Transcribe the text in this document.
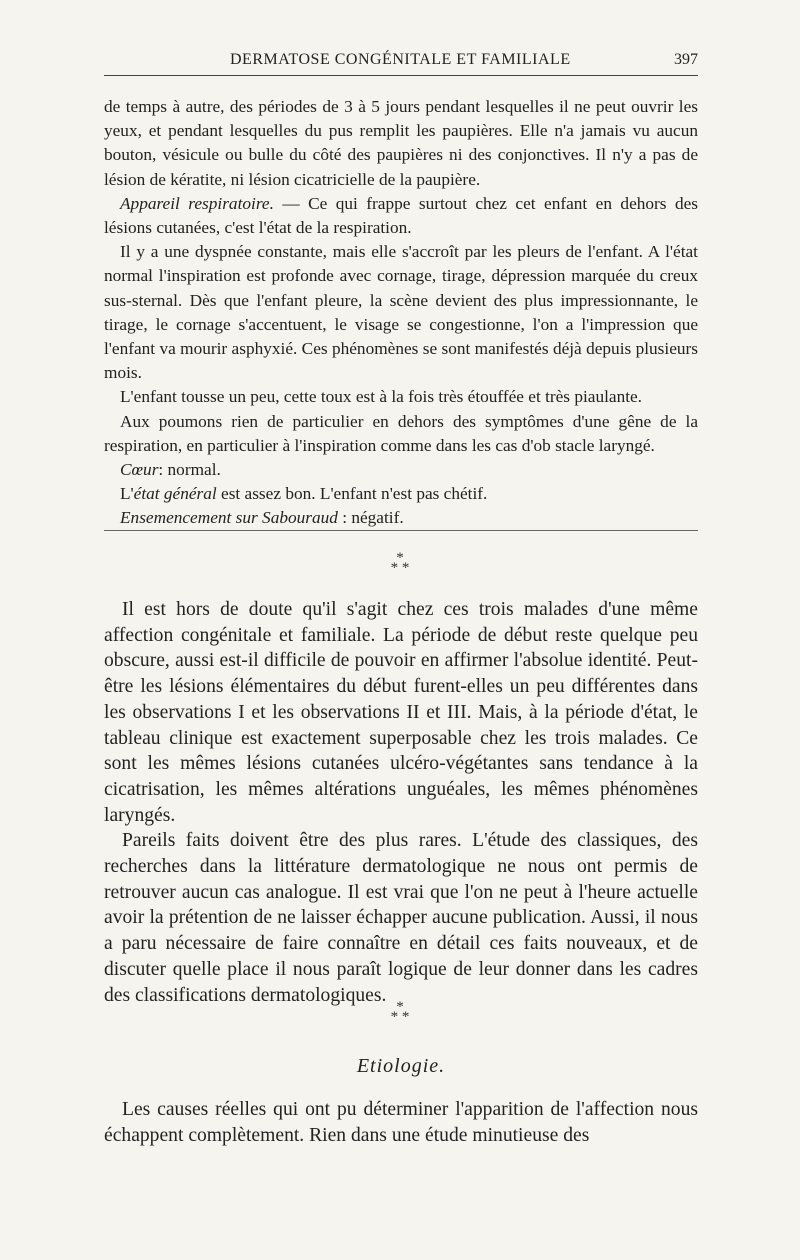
DERMATOSE CONGÉNITALE ET FAMILIALE	397

de temps à autre, des périodes de 3 à 5 jours pendant lesquelles il ne peut ouvrir les yeux, et pendant lesquelles du pus remplit les paupières. Elle n'a jamais vu aucun bouton, vésicule ou bulle du côté des paupières ni des conjonctives. Il n'y a pas de lésion de kératite, ni lésion cicatricielle de la paupière.

Appareil respiratoire. — Ce qui frappe surtout chez cet enfant en dehors des lésions cutanées, c'est l'état de la respiration.

Il y a une dyspnée constante, mais elle s'accroît par les pleurs de l'enfant. A l'état normal l'inspiration est profonde avec cornage, tirage, dépression marquée du creux sus-sternal. Dès que l'enfant pleure, la scène devient des plus impressionnante, le tirage, le cornage s'accentuent, le visage se congestionne, l'on a l'impression que l'enfant va mourir asphyxié. Ces phénomènes se sont manifestés déjà depuis plusieurs mois.

L'enfant tousse un peu, cette toux est à la fois très étouffée et très piaulante.

Aux poumons rien de particulier en dehors des symptômes d'une gêne de la respiration, en particulier à l'inspiration comme dans les cas d'ob stacle laryngé.

Cœur: normal.

L'état général est assez bon. L'enfant n'est pas chétif.

Ensemencement sur Sabouraud : négatif.

*
* *

Il est hors de doute qu'il s'agit chez ces trois malades d'une même affection congénitale et familiale. La période de début reste quelque peu obscure, aussi est-il difficile de pouvoir en affirmer l'absolue identité. Peut-être les lésions élémentaires du début furent-elles un peu différentes dans les observations I et les observations II et III. Mais, à la période d'état, le tableau clinique est exactement superposable chez les trois malades. Ce sont les mêmes lésions cutanées ulcéro-végétantes sans tendance à la cicatrisation, les mêmes altérations unguéales, les mêmes phénomènes laryngés.

Pareils faits doivent être des plus rares. L'étude des classiques, des recherches dans la littérature dermatologique ne nous ont permis de retrouver aucun cas analogue. Il est vrai que l'on ne peut à l'heure actuelle avoir la prétention de ne laisser échapper aucune publication. Aussi, il nous a paru nécessaire de faire connaître en détail ces faits nouveaux, et de discuter quelle place il nous paraît logique de leur donner dans les cadres des classifications dermatologiques.

*
* *
Etiologie.

Les causes réelles qui ont pu déterminer l'apparition de l'affection nous échappent complètement. Rien dans une étude minutieuse des
